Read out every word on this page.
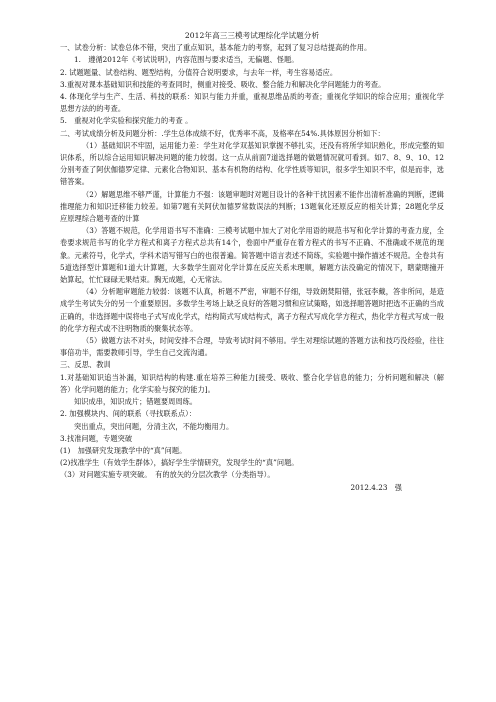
2012年高三三模考试理综化学试题分析

一、试卷分析：试卷总体不错，突出了重点知识，基本能力的考察，起到了复习总结提高的作用。

1.　遵循2012年《考试说明》，内容范围与要求适当，无偏题、怪题。

2. 试题题量、试卷结构、题型结构，分值符合说明要求，与去年一样，考生容易适应。

3.重视对课本基础知识和技能的考查同时，侧重对接受、吸收、整合能力和解决化学问题能力的考查。

4. 体现化学与生产、生活、科技的联系：知识与能力并重，重视思维品质的考查；重视化学知识的综合应用；重视化学思想方法的的考查。

5.　重视对化学实验和探究能力的考查 。

二、考试成绩分析及问题分析：.学生总体成绩不好，优秀率不高，及格率在54%.具体原因分析如下：

（1）基础知识不牢固，运用能力差：学生对化学双基知识掌握不够扎实，还没有将所学知识熟化，形成完整的知识体系，所以综合运用知识解决问题的能力较弱。这一点从前面7道选择题的做题情况就可看到。如7、8、9、10、12分别考查了阿伏伽德罗定律、元素化合物知识、基本有机物的结构、化学性质等知识，很多学生知识不牢，似是而非，选错答案。

（2）解题思维不够严谨，计算能力不强：该题审题时对题目设计的各种干扰因素不能作出清析准确的判断，逻辑推理能力和知识迁移能力较差。如第7题有关阿伏加德罗常数误法的判断；13题氧化还原反应的相关计算；28题化学反应原理综合题考查的计算

（3）答题不规范，化学用语书写不准确：三模考试题中加大了对化学用语的规范书写和化学计算的考查力度，全卷要求规范书写的化学方程式和离子方程式总共有14个，卷面中严重存在着方程式的书写不正确、不准确或不规范的现象。元素符号，化学式，学科术语写错写白的也很普遍。简答题中语言表述不简练，实验题中操作描述不规范。全卷共有5道选择型计算题和1道大计算题，大多数学生面对化学计算在反应关系未理顺，解题方法没确定的情况下，瞎蒙瞎撞开始算起，忙忙碌碌无果结束。胸无成题，心无常法。

（4）分析题审题能力较弱：该题不认真，析题不严密，审题不仔细，导致朗焚阳错，张冠李戴，答非所问，是造成学生考试失分的另一个重要原因。多数学生考场上缺乏良好的答题习惯和应试策略，如选择题答题时把选不正确的当成正确的，非选择题中误将电子式写成化学式，结构简式写成结构式，离子方程式写成化学方程式，热化学方程式写成一般的化学方程式或不注明物质的聚集状态等。

（5）做题方法不对头，时间安排不合理，导致考试时间不够用。学生对理综试题的答题方法和技巧没经验，往往事倍功半，需要教师引导，学生自己交流沟通。

三、反思、教训

1.对基础知识追当补漏，知识结构的构建.重在培养三种能力[接受、吸收、整合化学信息的能力；分析问题和解决（解答）化学问题的能力；化学实验与探究的能力]。

知识成串，知识成片；错题要周周练。

2. 加强模块内、间的联系（寻找联系点）：

突出重点，突出问题，分清主次，不能均衡用力。

3.找准问题，专题突破

(1)　加强研究发现教学中的“真”问题。

(2)找准学生（有效学生群体），搞好学生学情研究，发现学生的“真”问题。

（3）对问题实施专项突破。　有的放矢的分层次教学（分类指导）。

2012.4.23　强
